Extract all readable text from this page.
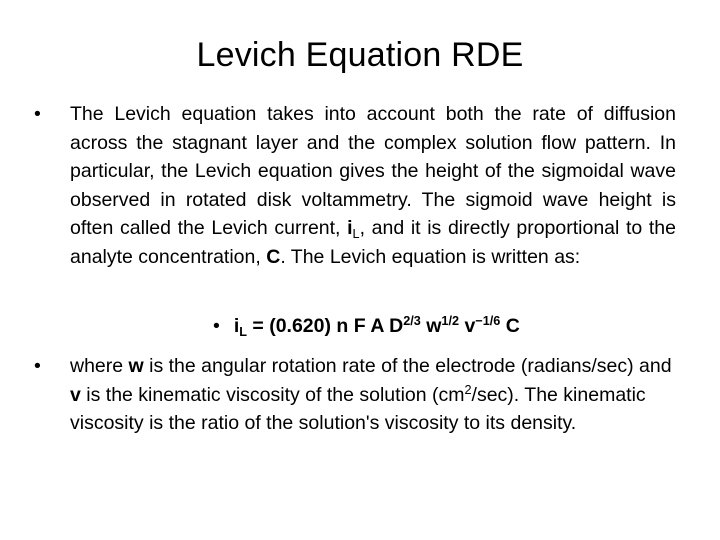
Levich Equation RDE
• The Levich equation takes into account both the rate of diffusion across the stagnant layer and the complex solution flow pattern. In particular, the Levich equation gives the height of the sigmoidal wave observed in rotated disk voltammetry. The sigmoid wave height is often called the Levich current, $i_L$, and it is directly proportional to the analyte concentration, C. The Levich equation is written as:
• $i_L = (0.620)$ n F A $D^{2/3}$ $w^{1/2}$ $v^{-1/6}$ C
• where w is the angular rotation rate of the electrode (radians/sec) and v is the kinematic viscosity of the solution $(cm^2/\sec)$. The kinematic viscosity is the ratio of the solution's viscosity to its density.
